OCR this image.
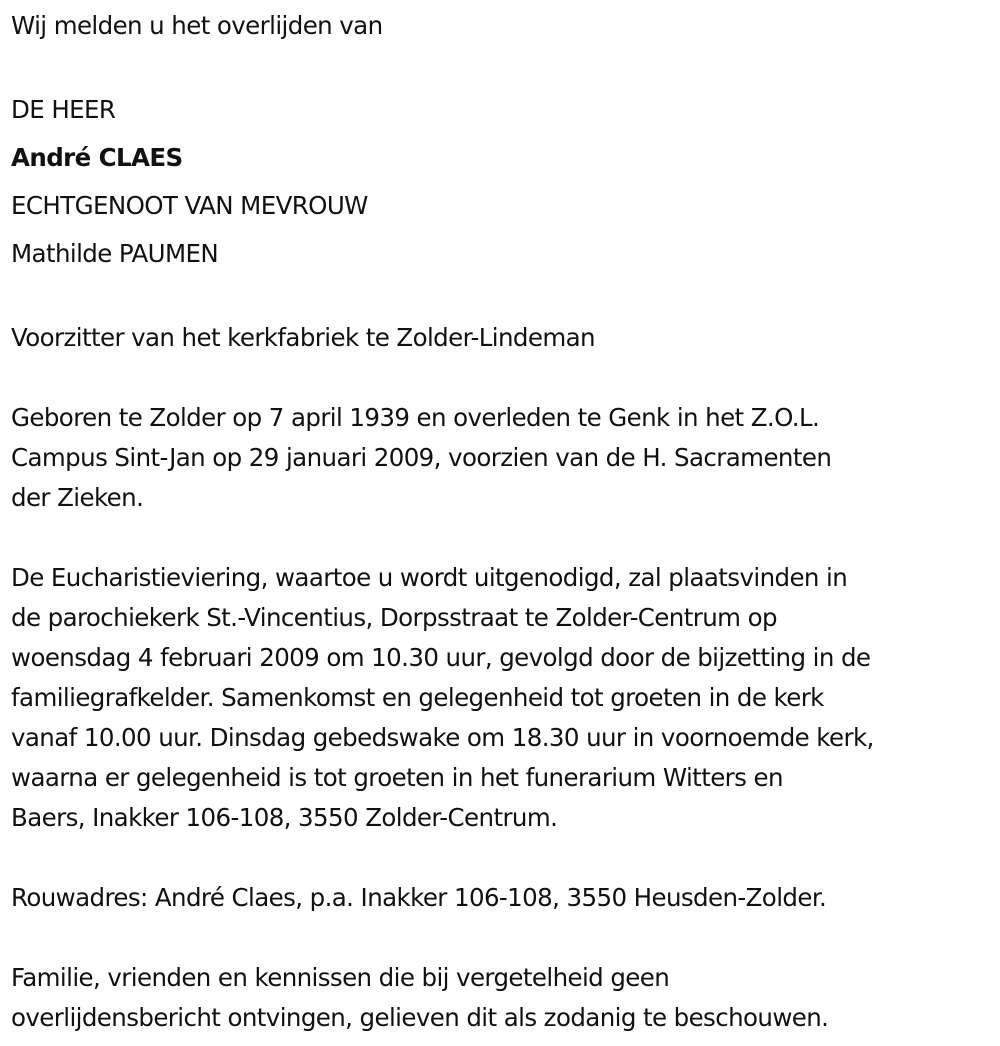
Wij melden u het overlijden van
DE HEER
André CLAES
ECHTGENOOT VAN MEVROUW
Mathilde PAUMEN
Voorzitter van het kerkfabriek te Zolder-Lindeman
Geboren te Zolder op 7 april 1939 en overleden te Genk in het Z.O.L.
Campus Sint-Jan op 29 januari 2009, voorzien van de H. Sacramenten
der Zieken.
De Eucharistieviering, waartoe u wordt uitgenodigd, zal plaatsvinden in
de parochiekerk St.-Vincentius, Dorpsstraat te Zolder-Centrum op
woensdag 4 februari 2009 om 10.30 uur, gevolgd door de bijzetting in de
familiegrafkelder. Samenkomst en gelegenheid tot groeten in de kerk
vanaf 10.00 uur. Dinsdag gebedswake om 18.30 uur in voornoemde kerk,
waarna er gelegenheid is tot groeten in het funerarium Witters en
Baers, Inakker 106-108, 3550 Zolder-Centrum.
Rouwadres: André Claes, p.a. Inakker 106-108, 3550 Heusden-Zolder.
Familie, vrienden en kennissen die bij vergetelheid geen
overlijdensbericht ontvingen, gelieven dit als zodanig te beschouwen.
